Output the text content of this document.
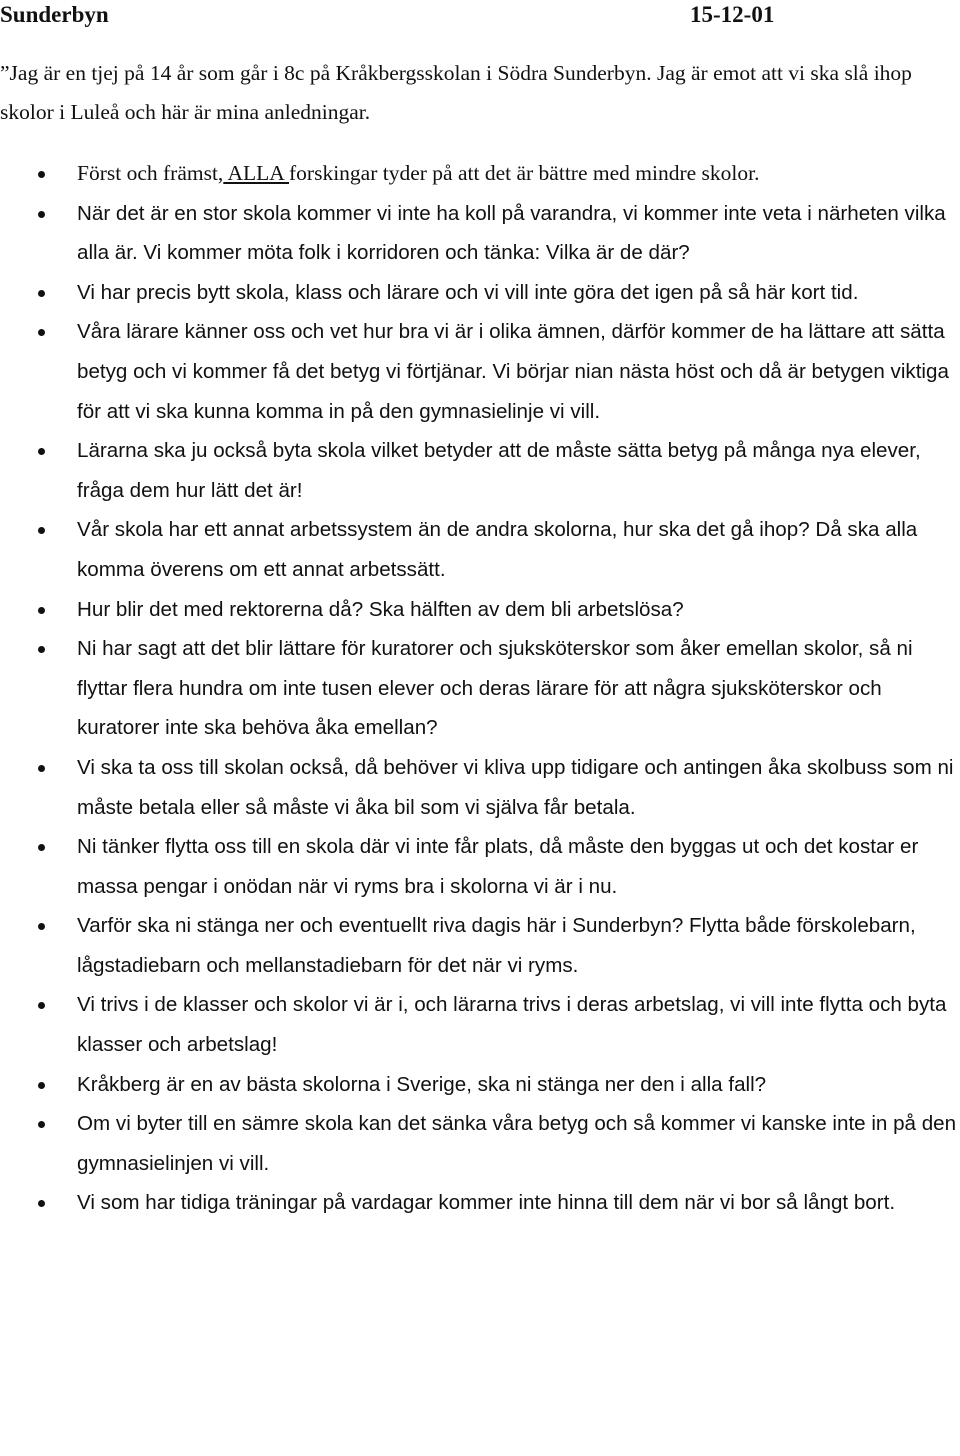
Sunderbyn	15-12-01

”Jag är en tjej på 14 år som går i 8c på Kråkbergsskolan i Södra Sunderbyn. Jag är emot att vi ska slå ihop skolor i Luleå och här är mina anledningar.

Först och främst, ALLA forskingar tyder på att det är bättre med mindre skolor.
När det är en stor skola kommer vi inte ha koll på varandra, vi kommer inte veta i närheten vilka alla är. Vi kommer möta folk i korridoren och tänka: Vilka är de där?
Vi har precis bytt skola, klass och lärare och vi vill inte göra det igen på så här kort tid.
Våra lärare känner oss och vet hur bra vi är i olika ämnen, därför kommer de ha lättare att sätta betyg och vi kommer få det betyg vi förtjänar. Vi börjar nian nästa höst och då är betygen viktiga för att vi ska kunna komma in på den gymnasielinje vi vill.
Lärarna ska ju också byta skola vilket betyder att de måste sätta betyg på många nya elever, fråga dem hur lätt det är!
Vår skola har ett annat arbetssystem än de andra skolorna, hur ska det gå ihop? Då ska alla komma överens om ett annat arbetssätt.
Hur blir det med rektorerna då? Ska hälften av dem bli arbetslösa?
Ni har sagt att det blir lättare för kuratorer och sjuksköterskor som åker emellan skolor, så ni flyttar flera hundra om inte tusen elever och deras lärare för att några sjuksköterskor och kuratorer inte ska behöva åka emellan?
Vi ska ta oss till skolan också, då behöver vi kliva upp tidigare och antingen åka skolbuss som ni måste betala eller så måste vi åka bil som vi själva får betala.
Ni tänker flytta oss till en skola där vi inte får plats, då måste den byggas ut och det kostar er massa pengar i onödan när vi ryms bra i skolorna vi är i nu.
Varför ska ni stänga ner och eventuellt riva dagis här i Sunderbyn? Flytta både förskolebarn, lågstadiebarn och mellanstadiebarn för det när vi ryms.
Vi trivs i de klasser och skolor vi är i, och lärarna trivs i deras arbetslag, vi vill inte flytta och byta klasser och arbetslag!
Kråkberg är en av bästa skolorna i Sverige, ska ni stänga ner den i alla fall?
Om vi byter till en sämre skola kan det sänka våra betyg och så kommer vi kanske inte in på den gymnasielinjen vi vill.
Vi som har tidiga träningar på vardagar kommer inte hinna till dem när vi bor så långt bort.
